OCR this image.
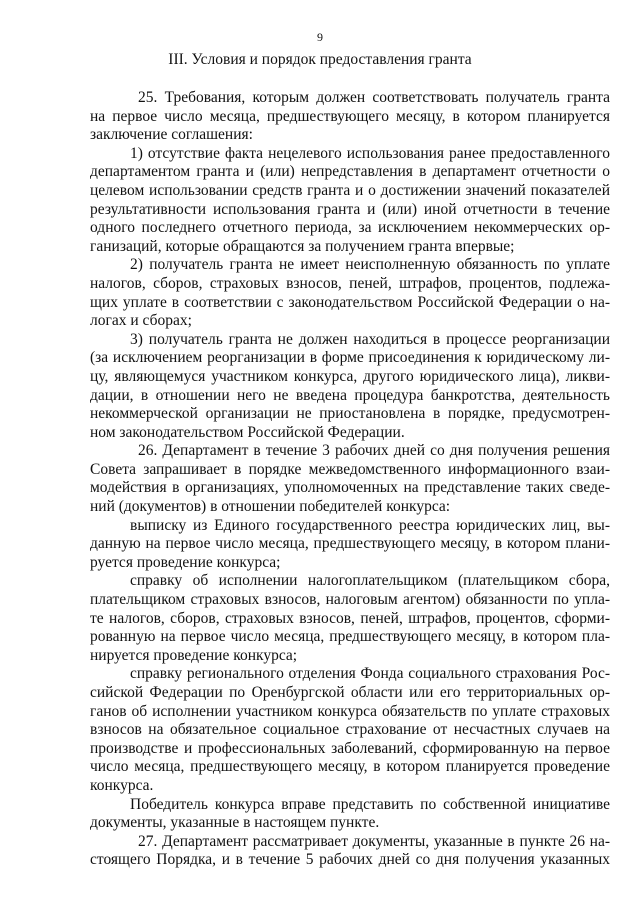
9
III. Условия и порядок предоставления гранта
25. Требования, которым должен соответствовать получатель гранта
на первое число месяца, предшествующего месяцу, в котором планируется
заключение соглашения:
1) отсутствие факта нецелевого использования ранее предоставленного
департаментом гранта и (или) непредставления в департамент отчетности о
целевом использовании средств гранта и о достижении значений показателей
результативности использования гранта и (или) иной отчетности в течение
одного последнего отчетного периода, за исключением некоммерческих ор-
ганизаций, которые обращаются за получением гранта впервые;
2) получатель гранта не имеет неисполненную обязанность по уплате
налогов, сборов, страховых взносов, пеней, штрафов, процентов, подлежа-
щих уплате в соответствии с законодательством Российской Федерации о на-
логах и сборах;
3) получатель гранта не должен находиться в процессе реорганизации
(за исключением реорганизации в форме присоединения к юридическому ли-
цу, являющемуся участником конкурса, другого юридического лица), ликви-
дации, в отношении него не введена процедура банкротства, деятельность
некоммерческой организации не приостановлена в порядке, предусмотрен-
ном законодательством Российской Федерации.
26. Департамент в течение 3 рабочих дней со дня получения решения
Совета запрашивает в порядке межведомственного информационного взаи-
модействия в организациях, уполномоченных на представление таких сведе-
ний (документов) в отношении победителей конкурса:
выписку из Единого государственного реестра юридических лиц, вы-
данную на первое число месяца, предшествующего месяцу, в котором плани-
руется проведение конкурса;
справку об исполнении налогоплательщиком (плательщиком сбора,
плательщиком страховых взносов, налоговым агентом) обязанности по упла-
те налогов, сборов, страховых взносов, пеней, штрафов, процентов, сформи-
рованную на первое число месяца, предшествующего месяцу, в котором пла-
нируется проведение конкурса;
справку регионального отделения Фонда социального страхования Рос-
сийской Федерации по Оренбургской области или его территориальных ор-
ганов об исполнении участником конкурса обязательств по уплате страховых
взносов на обязательное социальное страхование от несчастных случаев на
производстве и профессиональных заболеваний, сформированную на первое
число месяца, предшествующего месяцу, в котором планируется проведение
конкурса.
Победитель конкурса вправе представить по собственной инициативе
документы, указанные в настоящем пункте.
27. Департамент рассматривает документы, указанные в пункте 26 на-
стоящего Порядка, и в течение 5 рабочих дней со дня получения указанных
